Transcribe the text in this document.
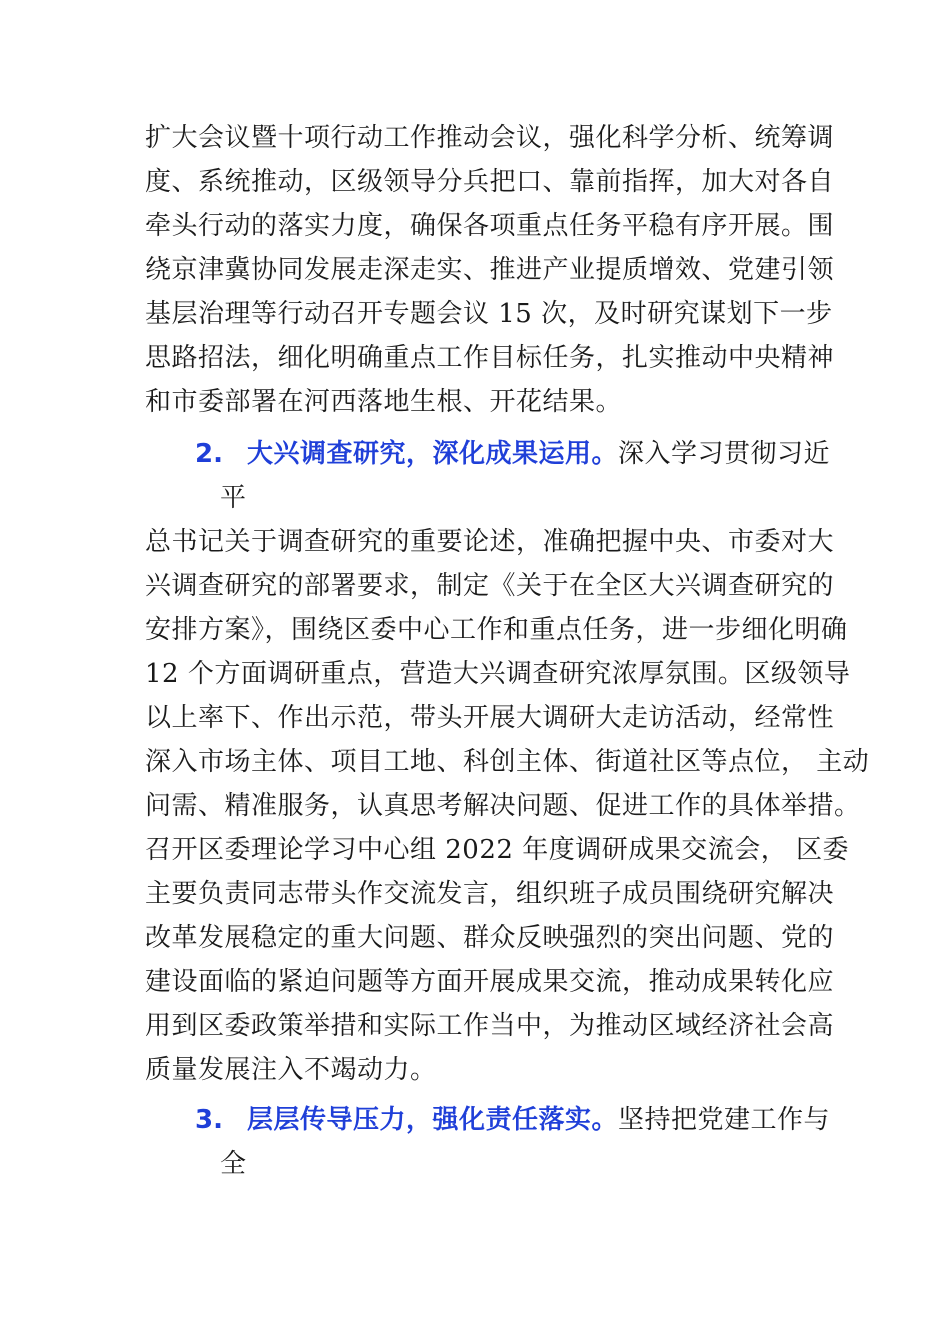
扩大会议暨十项行动工作推动会议，强化科学分析、统筹调
度、系统推动，区级领导分兵把口、靠前指挥，加大对各自
牵头行动的落实力度，确保各项重点任务平稳有序开展。围
绕京津冀协同发展走深走实、推进产业提质增效、党建引领
基层治理等行动召开专题会议 15 次，及时研究谋划下一步
思路招法，细化明确重点工作目标任务，扎实推动中央精神
和市委部署在河西落地生根、开花结果。
2. 大兴调查研究，深化成果运用。深入学习贯彻习近
平
总书记关于调查研究的重要论述，准确把握中央、市委对大
兴调查研究的部署要求，制定《关于在全区大兴调查研究的
安排方案》，围绕区委中心工作和重点任务，进一步细化明确
12 个方面调研重点，营造大兴调查研究浓厚氛围。区级领导
以上率下、作出示范，带头开展大调研大走访活动，经常性
深入市场主体、项目工地、科创主体、街道社区等点位， 主动
问需、精准服务，认真思考解决问题、促进工作的具体举措。
召开区委理论学习中心组 2022 年度调研成果交流会， 区委
主要负责同志带头作交流发言，组织班子成员围绕研究解决
改革发展稳定的重大问题、群众反映强烈的突出问题、党的
建设面临的紧迫问题等方面开展成果交流，推动成果转化应
用到区委政策举措和实际工作当中，为推动区域经济社会高
质量发展注入不竭动力。
3. 层层传导压力，强化责任落实。坚持把党建工作与
全
